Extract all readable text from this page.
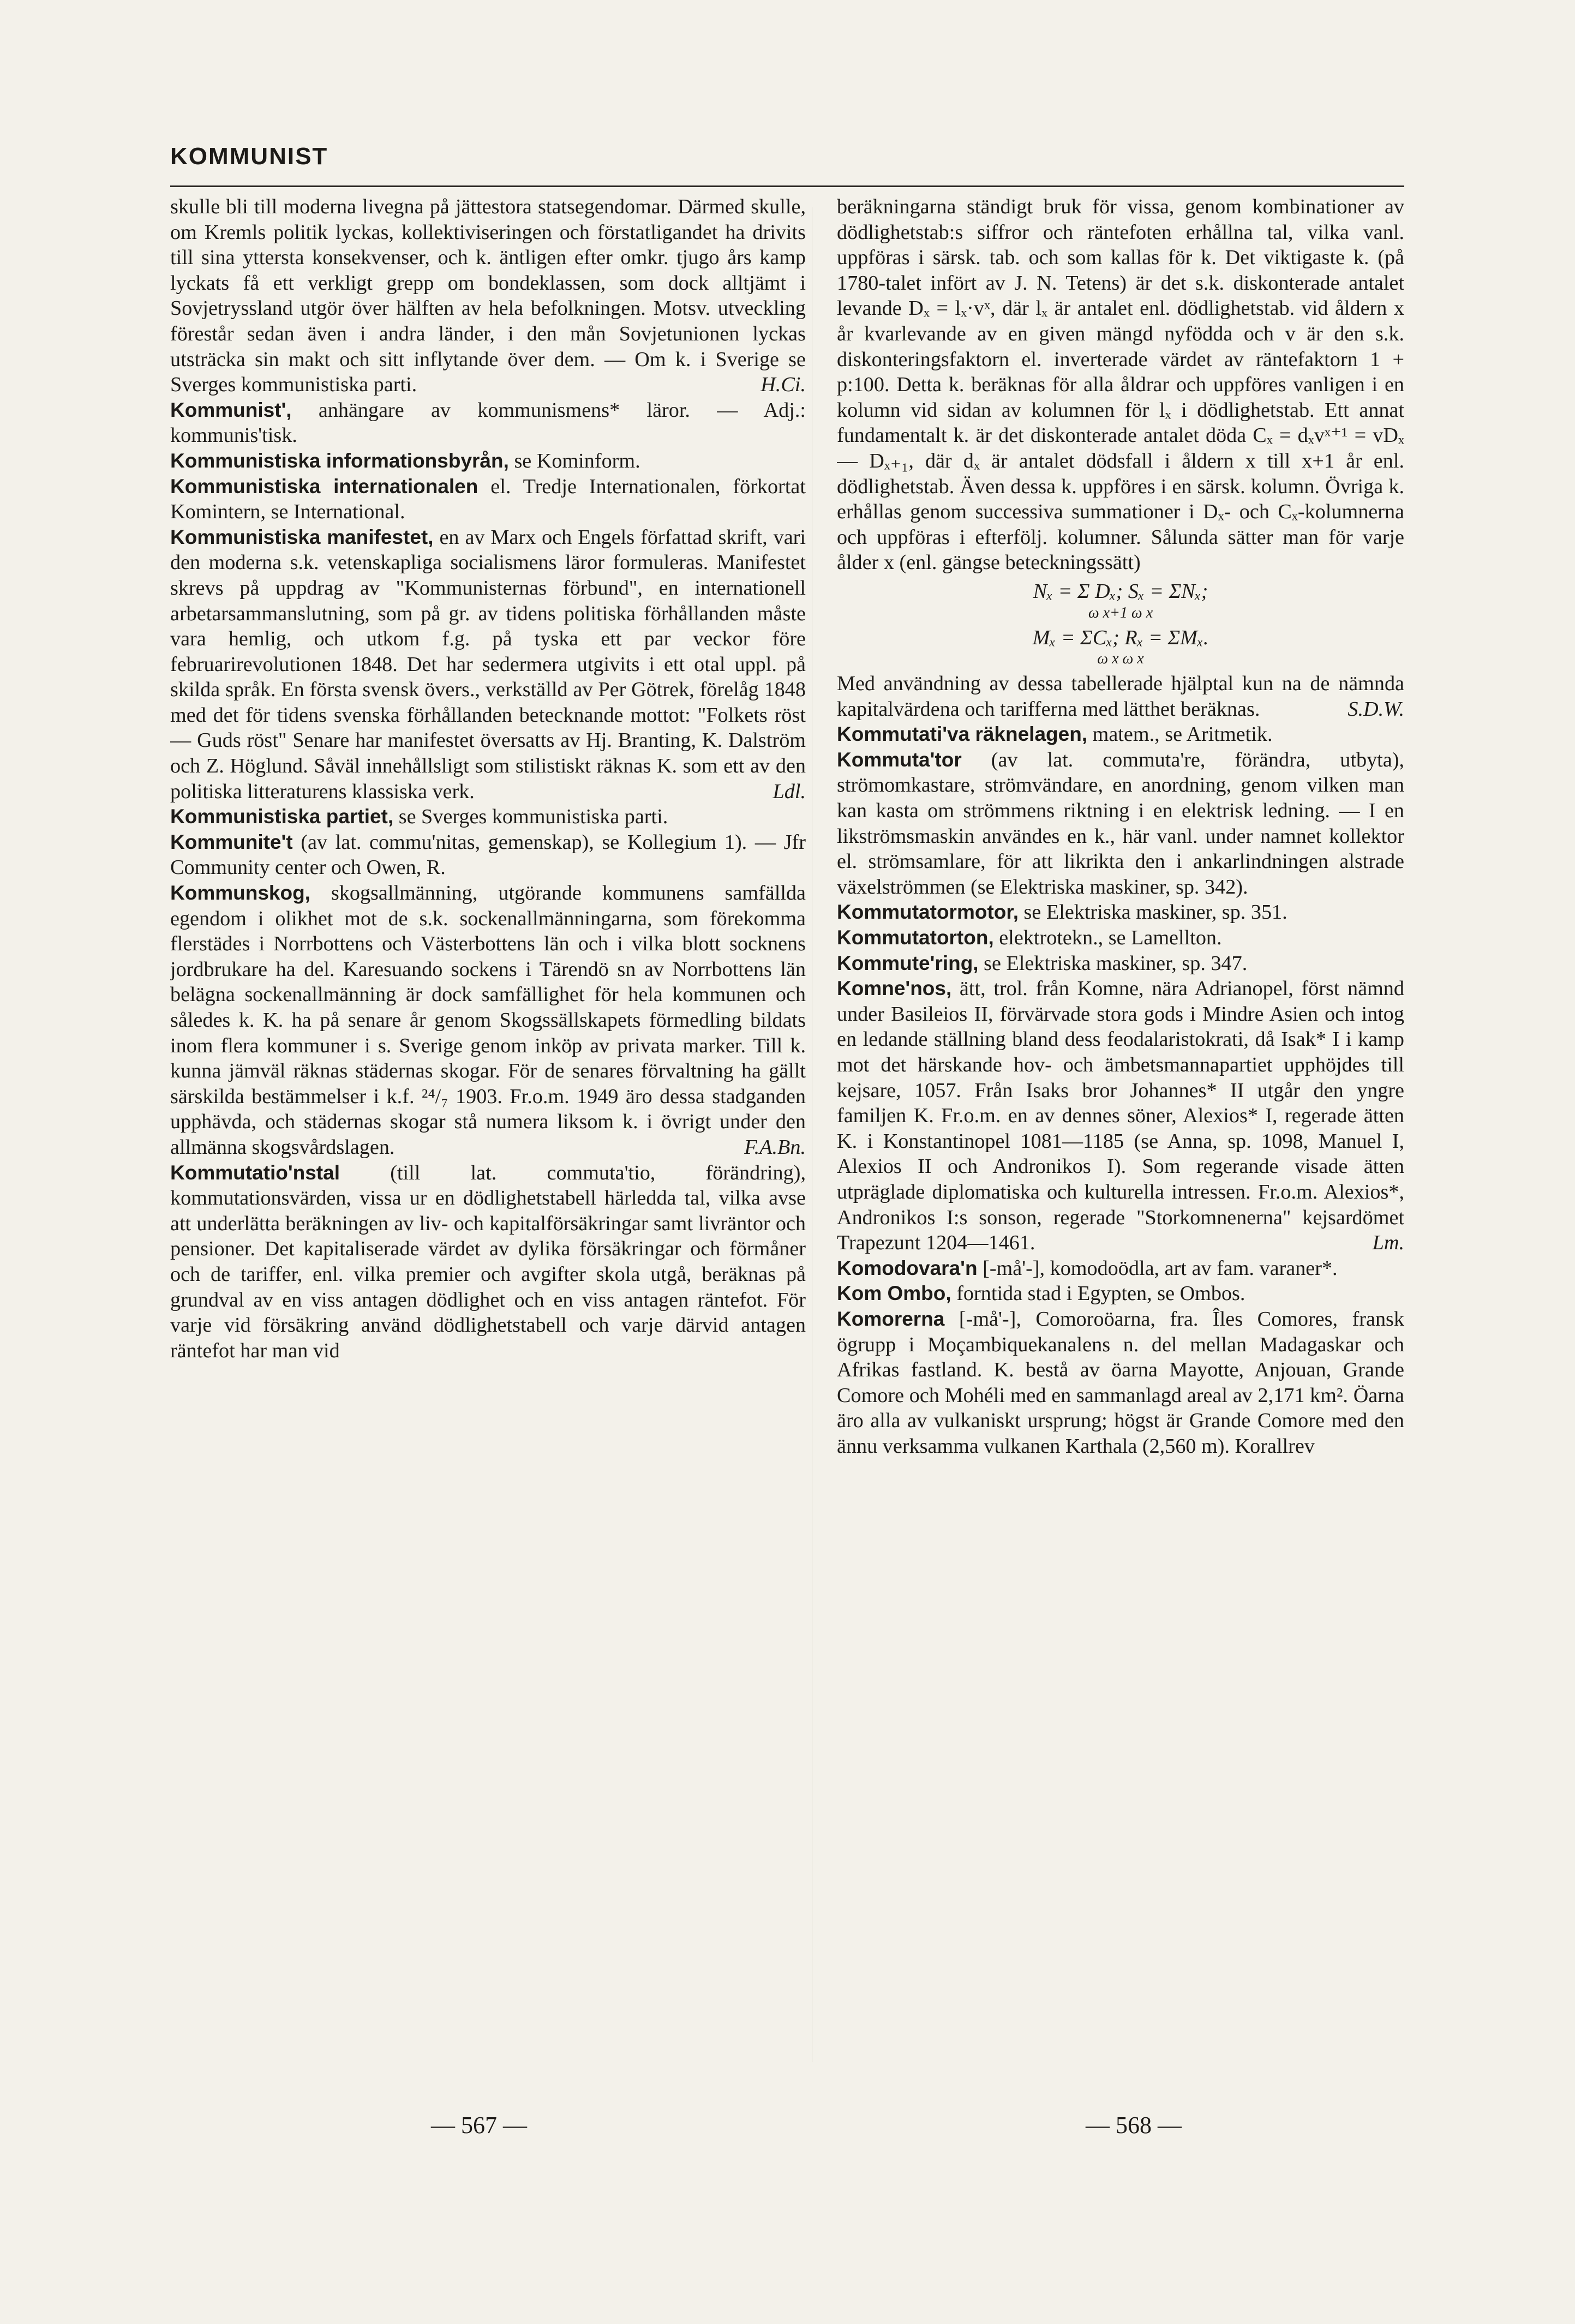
KOMMUNIST

skulle bli till moderna livegna på jättestora statsegendomar. Därmed skulle, om Kremls politik lyckas, kollektiviseringen och förstatligandet ha drivits till sina yttersta konsekvenser, och k. äntligen efter omkr. tjugo års kamp lyckats få ett verkligt grepp om bondeklassen, som dock alltjämt i Sovjetryssland utgör över hälften av hela befolkningen. Motsv. utveckling förestår sedan även i andra länder, i den mån Sovjetunionen lyckas utsträcka sin makt och sitt inflytande över dem. — Om k. i Sverige se Sverges kommunistiska parti.	H.Ci.

Kommunist', anhängare av kommunismens* läror. — Adj.: kommunis'tisk.

Kommunistiska informationsbyrån, se Kominform.

Kommunistiska internationalen el. Tredje Internationalen, förkortat Komintern, se International.

Kommunistiska manifestet, en av Marx och Engels författad skrift, vari den moderna s.k. vetenskapliga socialismens läror formuleras. Manifestet skrevs på uppdrag av "Kommunisternas förbund", en internationell arbetarsammanslutning, som på gr. av tidens politiska förhållanden måste vara hemlig, och utkom f.g. på tyska ett par veckor före februarirevolutionen 1848. Det har sedermera utgivits i ett otal uppl. på skilda språk. En första svensk övers., verkställd av Per Götrek, förelåg 1848 med det för tidens svenska förhållanden betecknande mottot: "Folkets röst — Guds röst" Senare har manifestet översatts av Hj. Branting, K. Dalström och Z. Höglund. Såväl innehållsligt som stilistiskt räknas K. som ett av den politiska litteraturens klassiska verk.	Ldl.

Kommunistiska partiet, se Sverges kommunistiska parti.

Kommunite't (av lat. commu'nitas, gemenskap), se Kollegium 1). — Jfr Community center och Owen, R.

Kommunskog, skogsallmänning, utgörande kommunens samfällda egendom i olikhet mot de s.k. sockenallmänningarna, som förekomma flerstädes i Norrbottens och Västerbottens län och i vilka blott socknens jordbrukare ha del. Karesuando sockens i Tärendö sn av Norrbottens län belägna sockenallmänning är dock samfällighet för hela kommunen och således k. K. ha på senare år genom Skogssällskapets förmedling bildats inom flera kommuner i s. Sverige genom inköp av privata marker. Till k. kunna jämväl räknas städernas skogar. För de senares förvaltning ha gällt särskilda bestämmelser i k.f. ²⁴/₇ 1903. Fr.o.m. 1949 äro dessa stadganden upphävda, och städernas skogar stå numera liksom k. i övrigt under den allmänna skogsvårdslagen.	F.A.Bn.

Kommutatio'nstal (till lat. commuta'tio, förändring), kommutationsvärden, vissa ur en dödlighetstabell härledda tal, vilka avse att underlätta beräkningen av liv- och kapitalförsäkringar samt livräntor och pensioner. Det kapitaliserade värdet av dylika försäkringar och förmåner och de tariffer, enl. vilka premier och avgifter skola utgå, beräknas på grundval av en viss antagen dödlighet och en viss antagen räntefot. För varje vid försäkring använd dödlighetstabell och varje därvid antagen räntefot har man vid

beräkningarna ständigt bruk för vissa, genom kombinationer av dödlighetstab:s siffror och räntefoten erhållna tal, vilka vanl. uppföras i särsk. tab. och som kallas för k. Det viktigaste k. (på 1780-talet infört av J. N. Tetens) är det s.k. diskonterade antalet levande Dₓ = lₓ·vˣ, där lₓ är antalet enl. dödlighetstab. vid åldern x år kvarlevande av en given mängd nyfödda och v är den s.k. diskonteringsfaktorn el. inverterade värdet av räntefaktorn 1 + p:100. Detta k. beräknas för alla åldrar och uppföres vanligen i en kolumn vid sidan av kolumnen för lₓ i dödlighetstab. Ett annat fundamentalt k. är det diskonterade antalet döda Cₓ = dₓvˣ⁺¹ = vDₓ — Dₓ₊₁, där dₓ är antalet dödsfall i åldern x till x+1 år enl. dödlighetstab. Även dessa k. uppföres i en särsk. kolumn. Övriga k. erhållas genom successiva summationer i Dₓ- och Cₓ-kolumnerna och uppföras i efterfölj. kolumner. Sålunda sätter man för varje ålder x (enl. gängse beteckningssätt)

Nₓ = Σ Dₓ; Sₓ = ΣNₓ;
ω x+1 ω x
Mₓ = ΣCₓ; Rₓ = ΣMₓ.
ω x ω x

Med användning av dessa tabellerade hjälptal kun na de nämnda kapitalvärdena och tarifferna med lätthet beräknas.	S.D.W.

Kommutati'va räknelagen, matem., se Aritmetik.

Kommuta'tor (av lat. commuta're, förändra, utbyta), strömomkastare, strömvändare, en anordning, genom vilken man kan kasta om strömmens riktning i en elektrisk ledning. — I en likströmsmaskin användes en k., här vanl. under namnet kollektor el. strömsamlare, för att likrikta den i ankarlindningen alstrade växelströmmen (se Elektriska maskiner, sp. 342).

Kommutatormotor, se Elektriska maskiner, sp. 351.

Kommutatorton, elektrotekn., se Lamellton.

Kommute'ring, se Elektriska maskiner, sp. 347.

Komne'nos, ätt, trol. från Komne, nära Adrianopel, först nämnd under Basileios II, förvärvade stora gods i Mindre Asien och intog en ledande ställning bland dess feodalaristokrati, då Isak* I i kamp mot det härskande hov- och ämbetsmannapartiet upphöjdes till kejsare, 1057. Från Isaks bror Johannes* II utgår den yngre familjen K. Fr.o.m. en av dennes söner, Alexios* I, regerade ätten K. i Konstantinopel 1081—1185 (se Anna, sp. 1098, Manuel I, Alexios II och Andronikos I). Som regerande visade ätten utpräglade diplomatiska och kulturella intressen. Fr.o.m. Alexios*, Andronikos I:s sonson, regerade "Storkomnenerna" kejsardömet Trapezunt 1204—1461.	Lm.

Komodovara'n [-må'-], komodoödla, art av fam. varaner*.

Kom Ombo, forntida stad i Egypten, se Ombos.

Komorerna [-må'-], Comoroöarna, fra. Îles Comores, fransk ögrupp i Moçambiquekanalens n. del mellan Madagaskar och Afrikas fastland. K. bestå av öarna Mayotte, Anjouan, Grande Comore och Mohéli med en sammanlagd areal av 2,171 km². Öarna äro alla av vulkaniskt ursprung; högst är Grande Comore med den ännu verksamma vulkanen Karthala (2,560 m). Korallrev

— 567 —	— 568 —
